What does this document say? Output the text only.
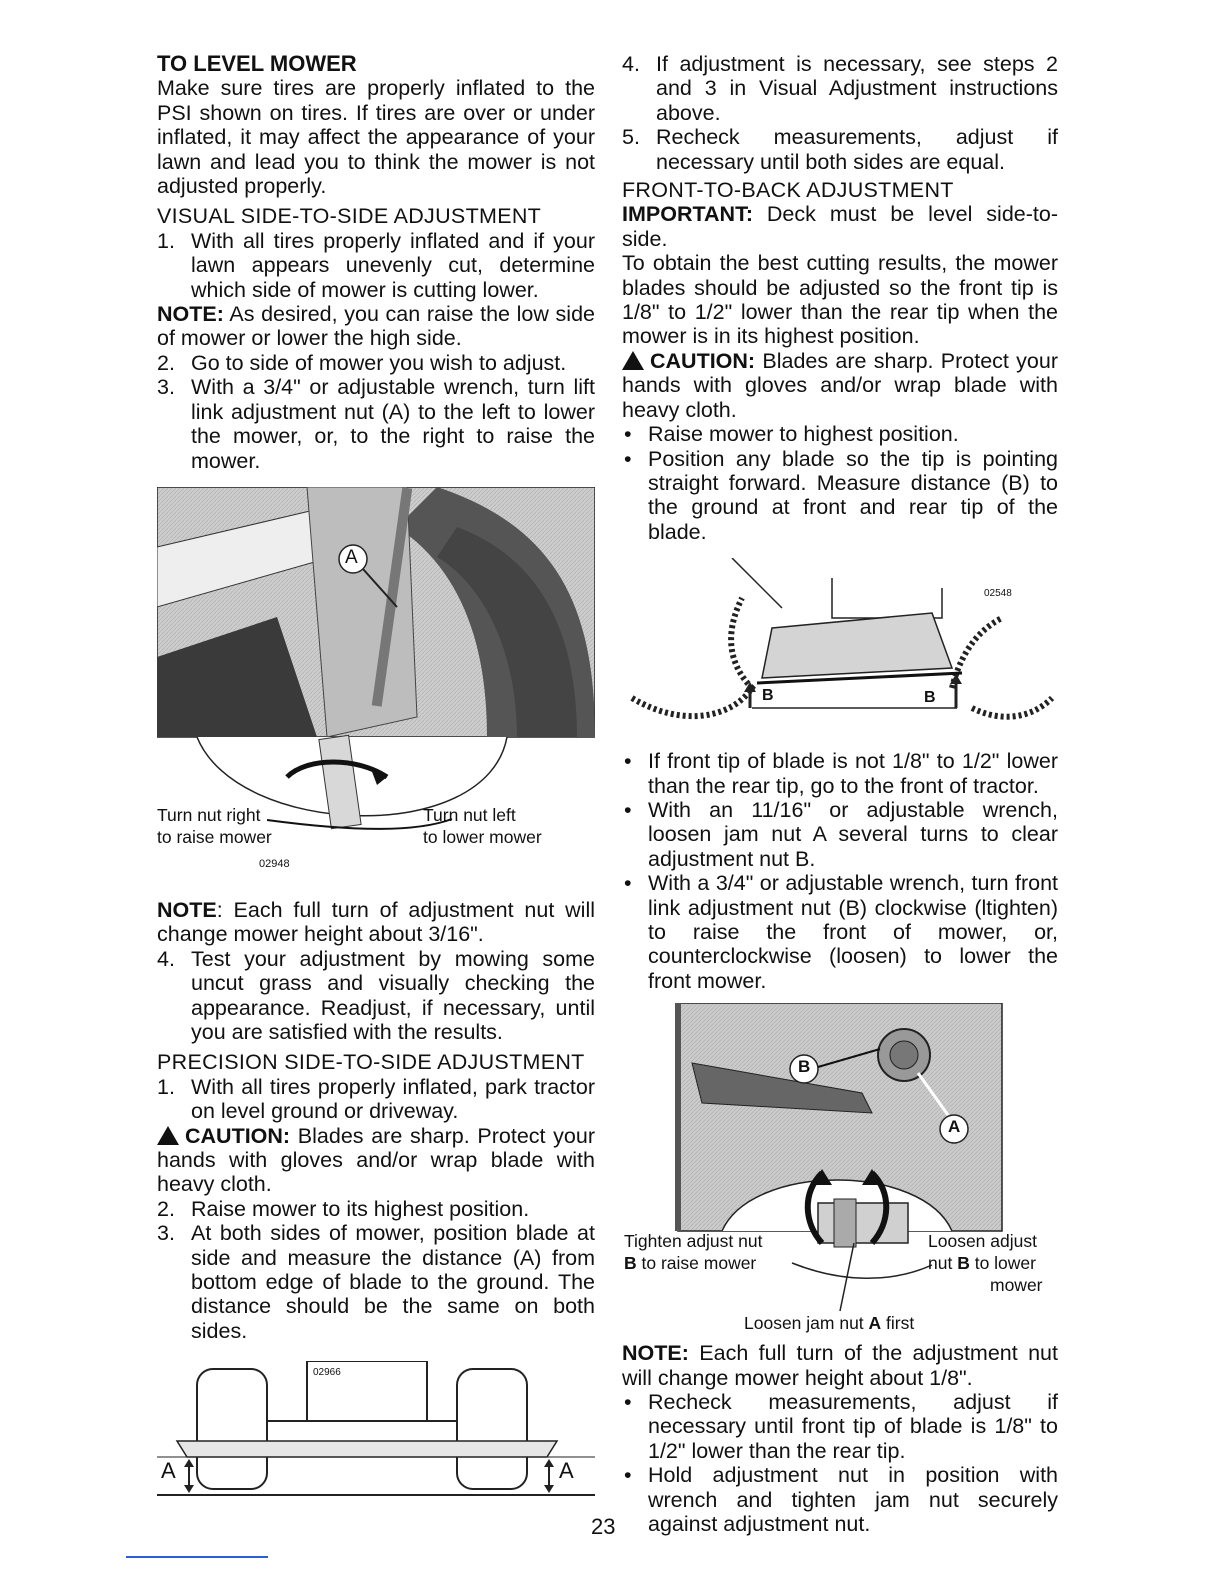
TO LEVEL MOWER

Make sure tires are properly inflated to the PSI shown on tires. If tires are over or under inflated, it may affect the appearance of your lawn and lead you to think the mower is not adjusted properly.

VISUAL SIDE-TO-SIDE ADJUSTMENT

1. With all tires properly inflated and if your lawn appears unevenly cut, determine which side of mower is cutting lower.

NOTE: As desired, you can raise the low side of mower or lower the high side.

2. Go to side of mower you wish to adjust.
3. With a 3/4" or adjustable wrench, turn lift link adjustment nut (A) to the left to lower the mower, or, to the right to raise the mower.
A
Turn nut right
to raise mower
Turn nut left
to lower mower
02948

NOTE: Each full turn of adjustment nut will change mower height about 3/16".

4. Test your adjustment by mowing some uncut grass and visually checking the appearance. Readjust, if necessary, until you are satisfied with the results.

PRECISION SIDE-TO-SIDE ADJUSTMENT

1. With all tires properly inflated, park tractor on level ground or driveway.

CAUTION: Blades are sharp. Protect your hands with gloves and/or wrap blade with heavy cloth.

2. Raise mower to its highest position.
3. At both sides of mower, position blade at side and measure the distance (A) from bottom edge of blade to the ground. The distance should be the same on both sides.
02966
A	A
4. If adjustment is necessary, see steps 2 and 3 in Visual Adjustment instructions above.
5. Recheck measurements, adjust if necessary until both sides are equal.

FRONT-TO-BACK ADJUSTMENT

IMPORTANT: Deck must be level side-to-side.

To obtain the best cutting results, the mower blades should be adjusted so the front tip is 1/8" to 1/2" lower than the rear tip when the mower is in its highest position.

CAUTION: Blades are sharp. Protect your hands with gloves and/or wrap blade with heavy cloth.

• Raise mower to highest position.
• Position any blade so the tip is pointing straight forward. Measure distance (B) to the ground at front and rear tip of the blade.
02548
B	B
• If front tip of blade is not 1/8" to 1/2" lower than the rear tip, go to the front of tractor.
• With an 11/16" or adjustable wrench, loosen jam nut A several turns to clear adjustment nut B.
• With a 3/4" or adjustable wrench, turn front link adjustment nut (B) clockwise (ltighten) to raise the front of mower, or, counterclockwise (loosen) to lower the front mower.
B
A
Tighten adjust nut
B to raise mower
Loosen adjust
nut B to lower
mower
Loosen jam nut A first

NOTE: Each full turn of the adjustment nut will change mower height about 1/8".

• Recheck measurements, adjust if necessary until front tip of blade is 1/8" to 1/2" lower than the rear tip.
• Hold adjustment nut in position with wrench and tighten jam nut securely against adjustment nut.
23
